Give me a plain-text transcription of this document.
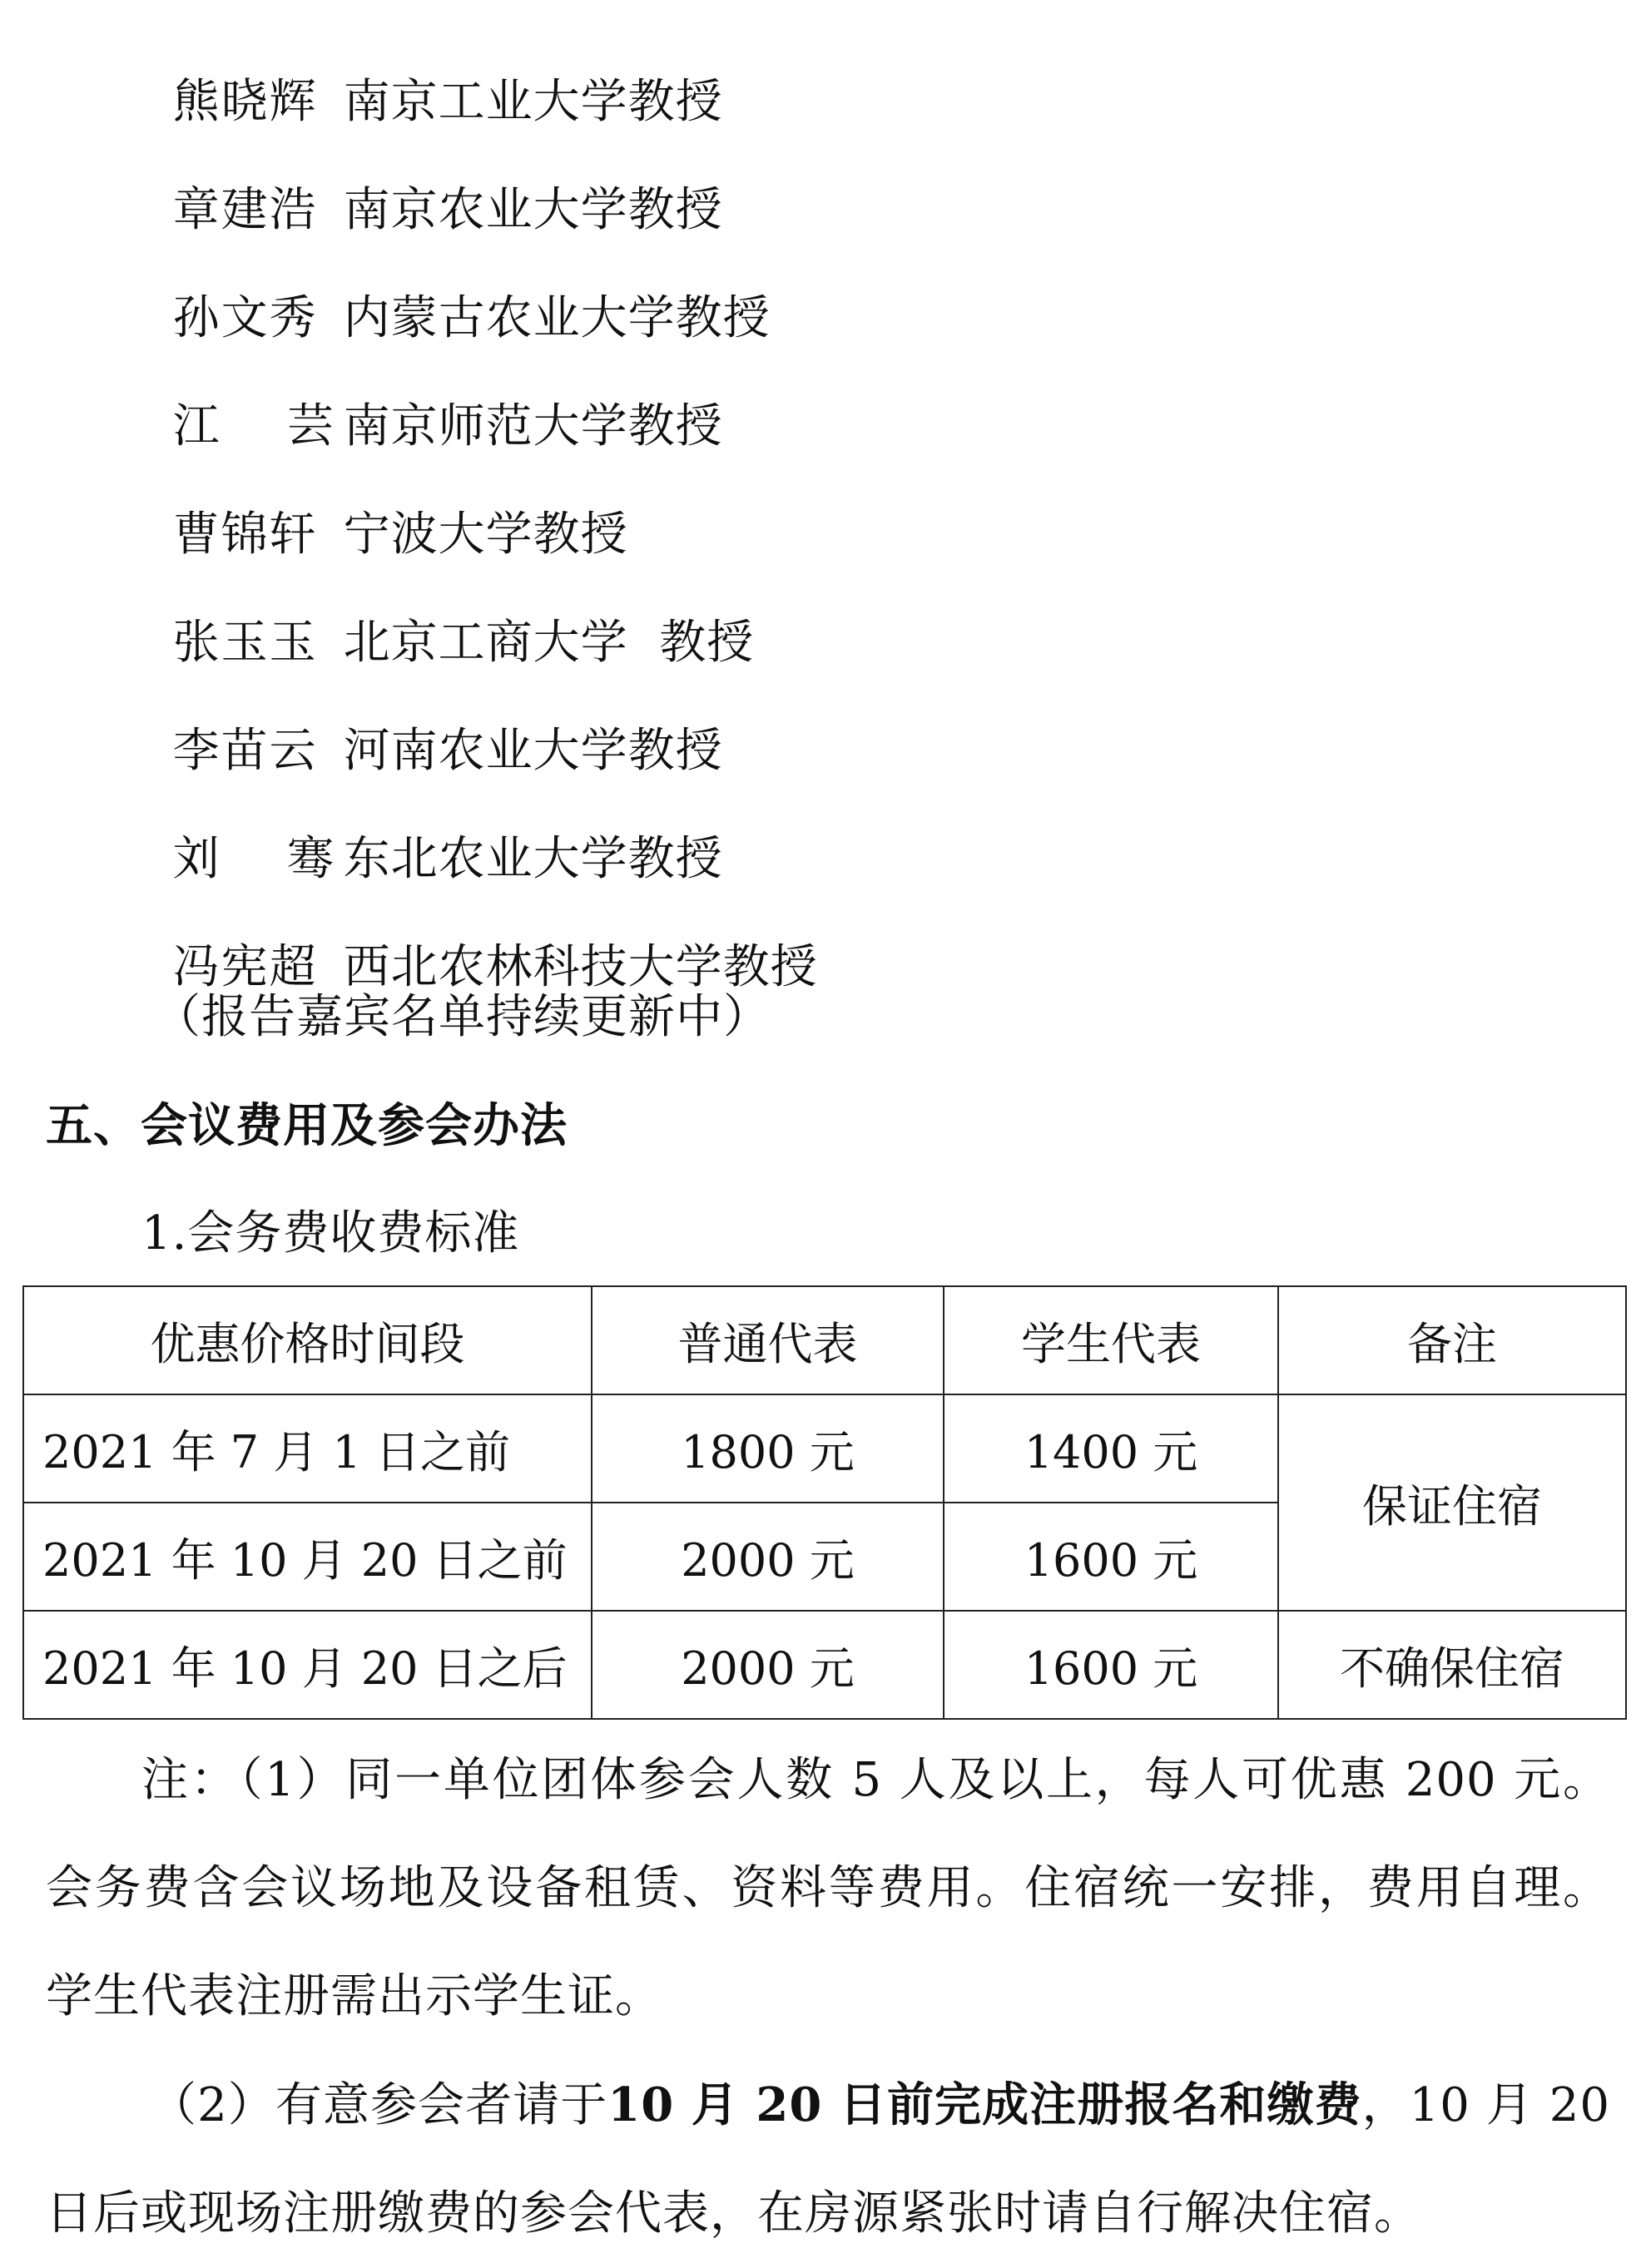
熊晓辉 南京工业大学教授

章建浩 南京农业大学教授

孙文秀 内蒙古农业大学教授

江    芸 南京师范大学教授

曹锦轩 宁波大学教授

张玉玉 北京工商大学  教授

李苗云 河南农业大学教授

刘    骞 东北农业大学教授

冯宪超 西北农林科技大学教授

（报告嘉宾名单持续更新中）
五、会议费用及参会办法
1.会务费收费标准
优惠价格时间段	普通代表	学生代表	备注
2021 年 7 月 1 日之前	1800 元	1400 元	保证住宿
2021 年 10 月 20 日之前	2000 元	1600 元	
2021 年 10 月 20 日之后	2000 元	1600 元	不确保住宿
注：（1）同一单位团体参会人数 5 人及以上，每人可优惠 200 元。会务费含会议场地及设备租赁、资料等费用。住宿统一安排，费用自理。学生代表注册需出示学生证。
（2）有意参会者请于10 月 20 日前完成注册报名和缴费，10 月 20 日后或现场注册缴费的参会代表，在房源紧张时请自行解决住宿。
